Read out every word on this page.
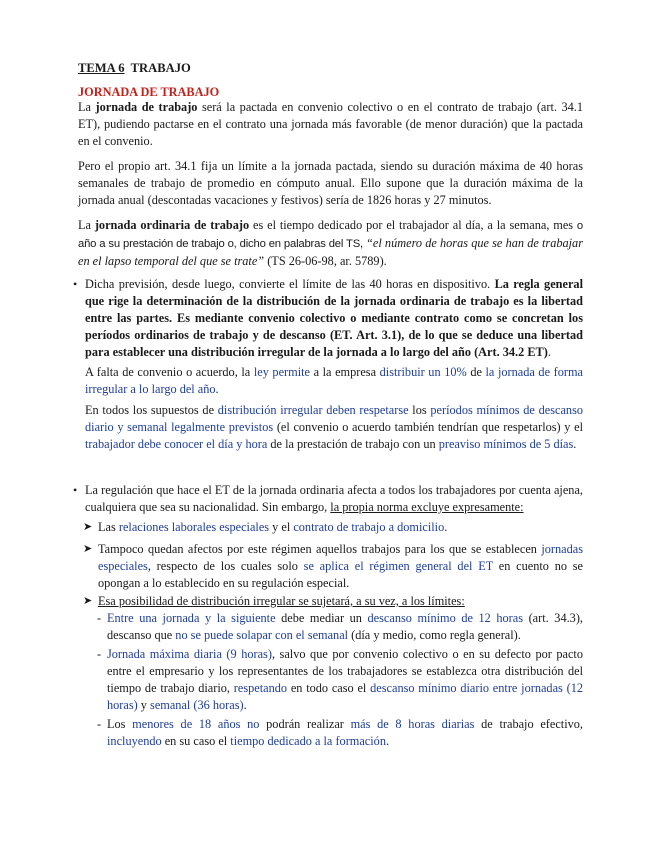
TEMA 6 TRABAJO
JORNADA DE TRABAJO

La jornada de trabajo será la pactada en convenio colectivo o en el contrato de trabajo (art. 34.1 ET), pudiendo pactarse en el contrato una jornada más favorable (de menor duración) que la pactada en el convenio.

Pero el propio art. 34.1 fija un límite a la jornada pactada, siendo su duración máxima de 40 horas semanales de trabajo de promedio en cómputo anual. Ello supone que la duración máxima de la jornada anual (descontadas vacaciones y festivos) sería de 1826 horas y 27 minutos.

La jornada ordinaria de trabajo es el tiempo dedicado por el trabajador al día, a la semana, mes o año a su prestación de trabajo o, dicho en palabras del TS, “el número de horas que se han de trabajar en el lapso temporal del que se trate” (TS 26-06-98, ar. 5789).

• Dicha previsión, desde luego, convierte el límite de las 40 horas en dispositivo. La regla general que rige la determinación de la distribución de la jornada ordinaria de trabajo es la libertad entre las partes. Es mediante convenio colectivo o mediante contrato como se concretan los períodos ordinarios de trabajo y de descanso (ET. Art. 3.1), de lo que se deduce una libertad para establecer una distribución irregular de la jornada a lo largo del año (Art. 34.2 ET).

A falta de convenio o acuerdo, la ley permite a la empresa distribuir un 10% de la jornada de forma irregular a lo largo del año.

En todos los supuestos de distribución irregular deben respetarse los períodos mínimos de descanso diario y semanal legalmente previstos (el convenio o acuerdo también tendrían que respetarlos) y el trabajador debe conocer el día y hora de la prestación de trabajo con un preaviso mínimos de 5 días.

• La regulación que hace el ET de la jornada ordinaria afecta a todos los trabajadores por cuenta ajena, cualquiera que sea su nacionalidad. Sin embargo, la propia norma excluye expresamente:

➤ Las relaciones laborales especiales y el contrato de trabajo a domicilio.

➤ Tampoco quedan afectos por este régimen aquellos trabajos para los que se establecen jornadas especiales, respecto de los cuales solo se aplica el régimen general del ET en cuento no se opongan a lo establecido en su regulación especial.

➤ Esa posibilidad de distribución irregular se sujetará, a su vez, a los límites:

- Entre una jornada y la siguiente debe mediar un descanso mínimo de 12 horas (art. 34.3), descanso que no se puede solapar con el semanal (día y medio, como regla general).

- Jornada máxima diaria (9 horas), salvo que por convenio colectivo o en su defecto por pacto entre el empresario y los representantes de los trabajadores se establezca otra distribución del tiempo de trabajo diario, respetando en todo caso el descanso mínimo diario entre jornadas (12 horas) y semanal (36 horas).

- Los menores de 18 años no podrán realizar más de 8 horas diarias de trabajo efectivo, incluyendo en su caso el tiempo dedicado a la formación.
